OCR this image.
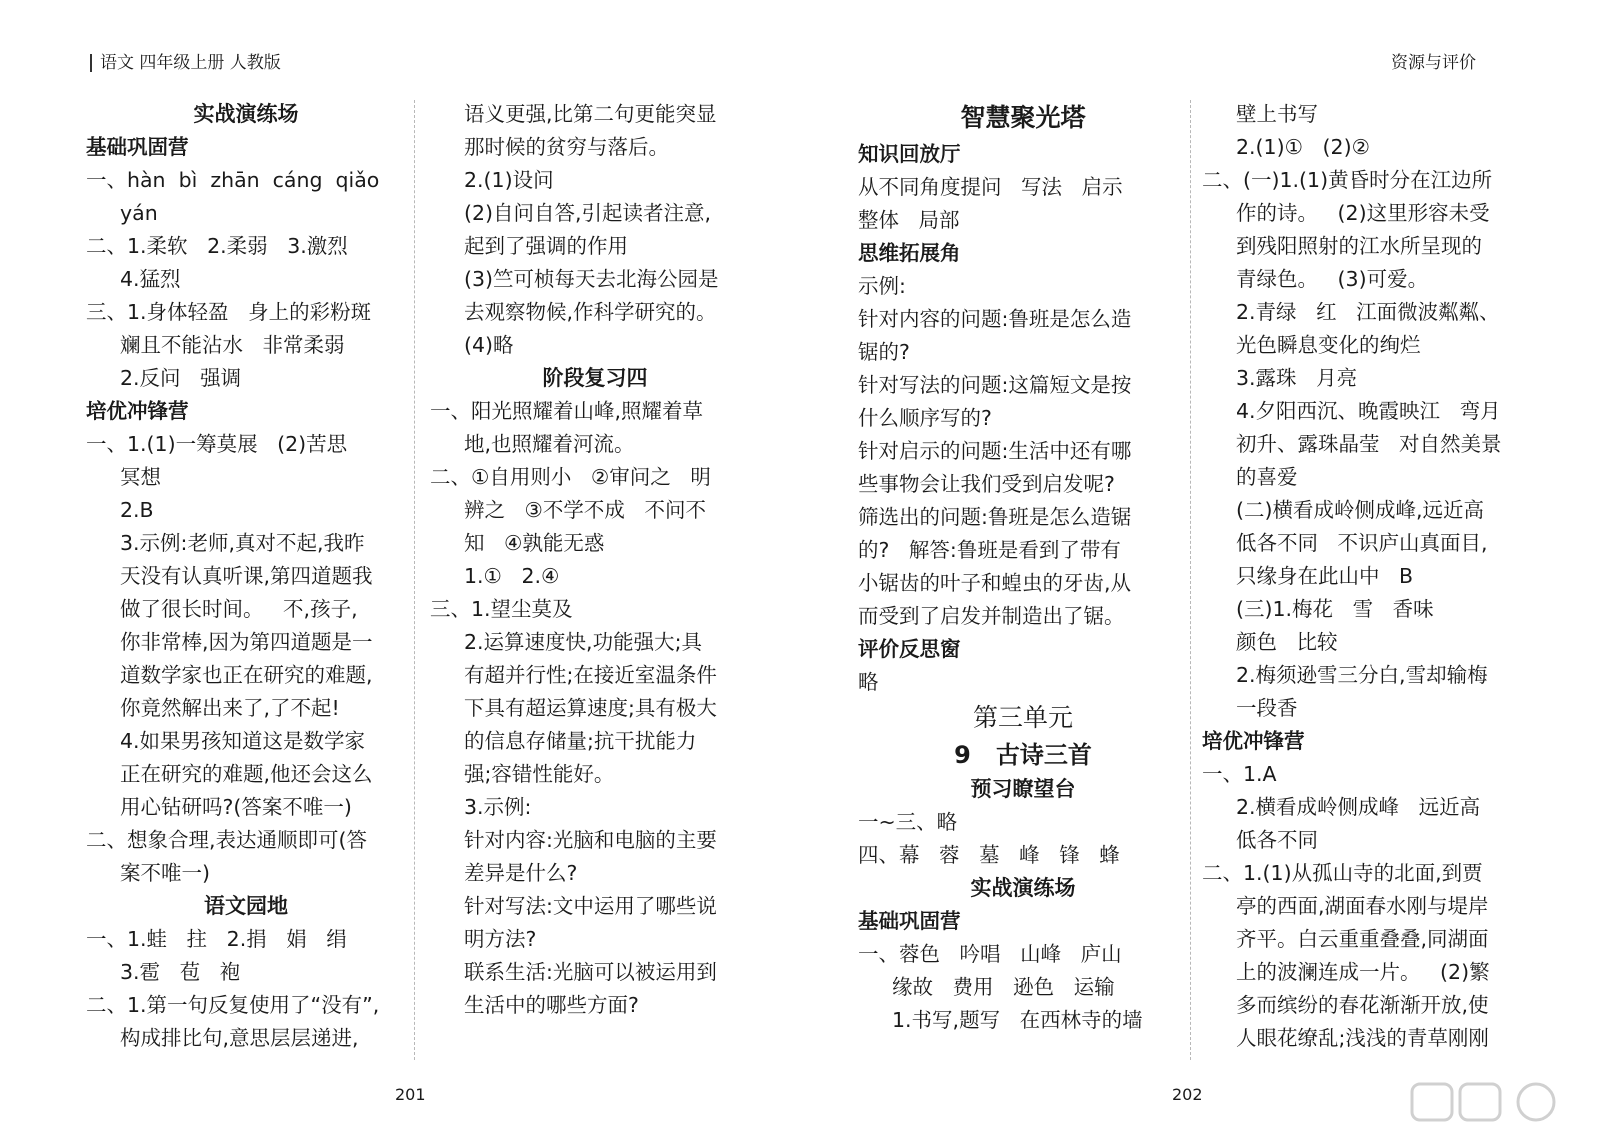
语文 四年级上册 人教版	资源与评价
实战演练场
基础巩固营
一、hàn  bì  zhān  cáng  qiǎo
yán
二、1.柔软   2.柔弱   3.激烈
4.猛烈
三、1.身体轻盈   身上的彩粉斑
斓且不能沾水   非常柔弱
2.反问   强调
培优冲锋营
一、1.(1)一筹莫展   (2)苦思
冥想
2.B
3.示例:老师,真对不起,我昨
天没有认真听课,第四道题我
做了很长时间。   不,孩子,
你非常棒,因为第四道题是一
道数学家也正在研究的难题,
你竟然解出来了,了不起!
4.如果男孩知道这是数学家
正在研究的难题,他还会这么
用心钻研吗?(答案不唯一)
二、想象合理,表达通顺即可(答
案不唯一)
语文园地
一、1.蛙   拄   2.捐   娟   绢
3.雹   苞   袍
二、1.第一句反复使用了“没有”,
构成排比句,意思层层递进,
语义更强,比第二句更能突显
那时候的贫穷与落后。
2.(1)设问
(2)自问自答,引起读者注意,
起到了强调的作用
(3)竺可桢每天去北海公园是
去观察物候,作科学研究的。
(4)略
阶段复习四
一、阳光照耀着山峰,照耀着草
地,也照耀着河流。
二、①自用则小   ②审问之   明
辨之   ③不学不成   不问不
知   ④孰能无惑
1.①   2.④
三、1.望尘莫及
2.运算速度快,功能强大;具
有超并行性;在接近室温条件
下具有超运算速度;具有极大
的信息存储量;抗干扰能力
强;容错性能好。
3.示例:
针对内容:光脑和电脑的主要
差异是什么?
针对写法:文中运用了哪些说
明方法?
联系生活:光脑可以被运用到
生活中的哪些方面?
智慧聚光塔
知识回放厅
从不同角度提问   写法   启示
整体   局部
思维拓展角
示例:
针对内容的问题:鲁班是怎么造
锯的?
针对写法的问题:这篇短文是按
什么顺序写的?
针对启示的问题:生活中还有哪
些事物会让我们受到启发呢?
筛选出的问题:鲁班是怎么造锯
的?   解答:鲁班是看到了带有
小锯齿的叶子和蝗虫的牙齿,从
而受到了启发并制造出了锯。
评价反思窗
略
第三单元
9   古诗三首
预习瞭望台
一~三、略
四、幕   蓉   墓   峰   锋   蜂
实战演练场
基础巩固营
一、蓉色   吟唱   山峰   庐山
缘故   费用   逊色   运输
1.书写,题写   在西林寺的墙
壁上书写
2.(1)①   (2)②
二、(一)1.(1)黄昏时分在江边所
作的诗。   (2)这里形容未受
到残阳照射的江水所呈现的
青绿色。   (3)可爱。
2.青绿   红   江面微波粼粼、
光色瞬息变化的绚烂
3.露珠   月亮
4.夕阳西沉、晚霞映江   弯月
初升、露珠晶莹   对自然美景
的喜爱
(二)横看成岭侧成峰,远近高
低各不同   不识庐山真面目,
只缘身在此山中   B
(三)1.梅花   雪   香味
颜色   比较
2.梅须逊雪三分白,雪却输梅
一段香
培优冲锋营
一、1.A
2.横看成岭侧成峰   远近高
低各不同
二、1.(1)从孤山寺的北面,到贾
亭的西面,湖面春水刚与堤岸
齐平。白云重重叠叠,同湖面
上的波澜连成一片。   (2)繁
多而缤纷的春花渐渐开放,使
人眼花缭乱;浅浅的青草刚刚
201	202
